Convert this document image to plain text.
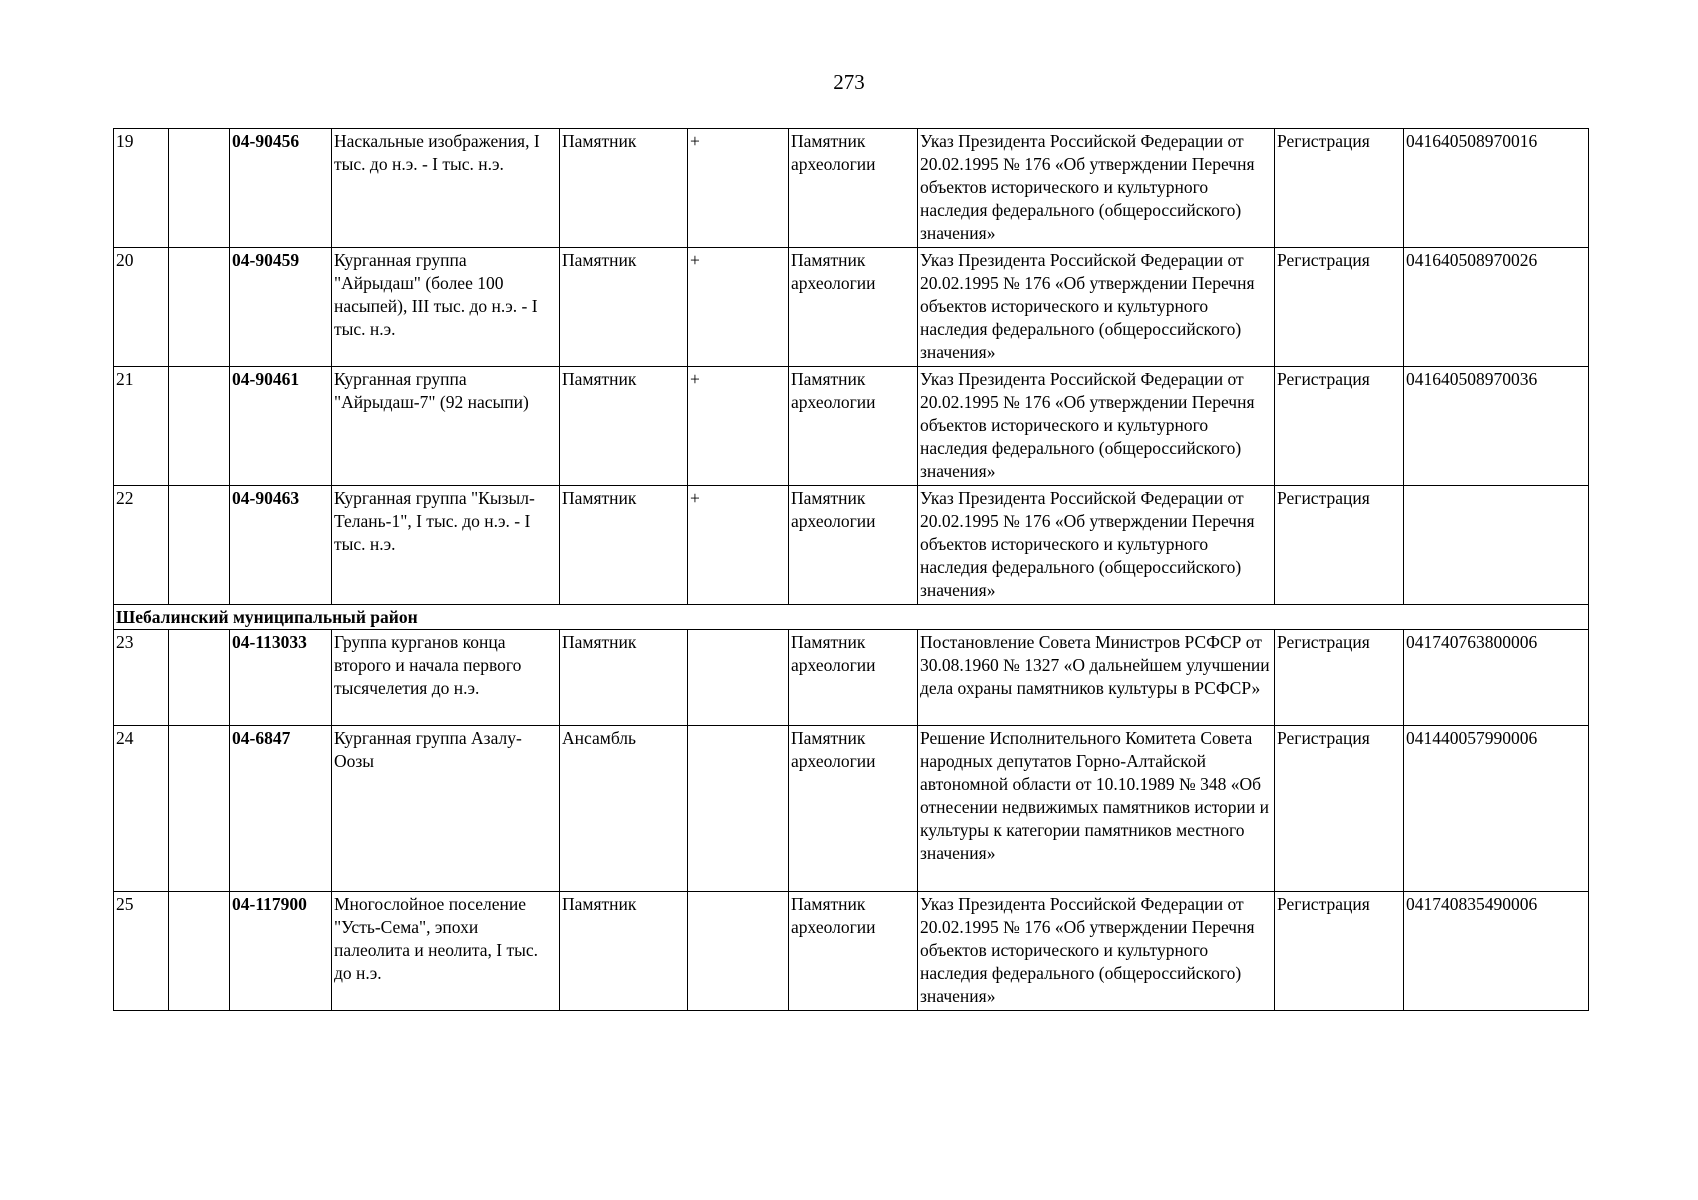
273
19		04-90456	Наскальные изображения, I тыс. до н.э. - I тыс. н.э.	Памятник	+	Памятник археологии	Указ Президента Российской Федерации от 20.02.1995 № 176 «Об утверждении Перечня объектов исторического и культурного наследия федерального (общероссийского) значения»	Регистрация	041640508970016
20		04-90459	Курганная группа "Айрыдаш" (более 100 насыпей), III тыс. до н.э. - I тыс. н.э.	Памятник	+	Памятник археологии	Указ Президента Российской Федерации от 20.02.1995 № 176 «Об утверждении Перечня объектов исторического и культурного наследия федерального (общероссийского) значения»	Регистрация	041640508970026
21		04-90461	Курганная группа "Айрыдаш-7" (92 насыпи)	Памятник	+	Памятник археологии	Указ Президента Российской Федерации от 20.02.1995 № 176 «Об утверждении Перечня объектов исторического и культурного наследия федерального (общероссийского) значения»	Регистрация	041640508970036
22		04-90463	Курганная группа "Кызыл-Телань-1", I тыс. до н.э. - I тыс. н.э.	Памятник	+	Памятник археологии	Указ Президента Российской Федерации от 20.02.1995 № 176 «Об утверждении Перечня объектов исторического и культурного наследия федерального (общероссийского) значения»	Регистрация	
Шебалинский муниципальный район									
23		04-113033	Группа курганов конца второго и начала первого тысячелетия до н.э.	Памятник		Памятник археологии	Постановление Совета Министров РСФСР от 30.08.1960 № 1327 «О дальнейшем улучшении дела охраны памятников культуры в РСФСР»	Регистрация	041740763800006
24		04-6847	Курганная группа Азалу-Оозы	Ансамбль		Памятник археологии	Решение Исполнительного Комитета Совета народных депутатов Горно-Алтайской автономной области от 10.10.1989 № 348 «Об отнесении недвижимых памятников истории и культуры к категории памятников местного значения»	Регистрация	041440057990006
25		04-117900	Многослойное поселение "Усть-Сема", эпохи палеолита и неолита, I тыс. до н.э.	Памятник		Памятник археологии	Указ Президента Российской Федерации от 20.02.1995 № 176 «Об утверждении Перечня объектов исторического и культурного наследия федерального (общероссийского) значения»	Регистрация	041740835490006
